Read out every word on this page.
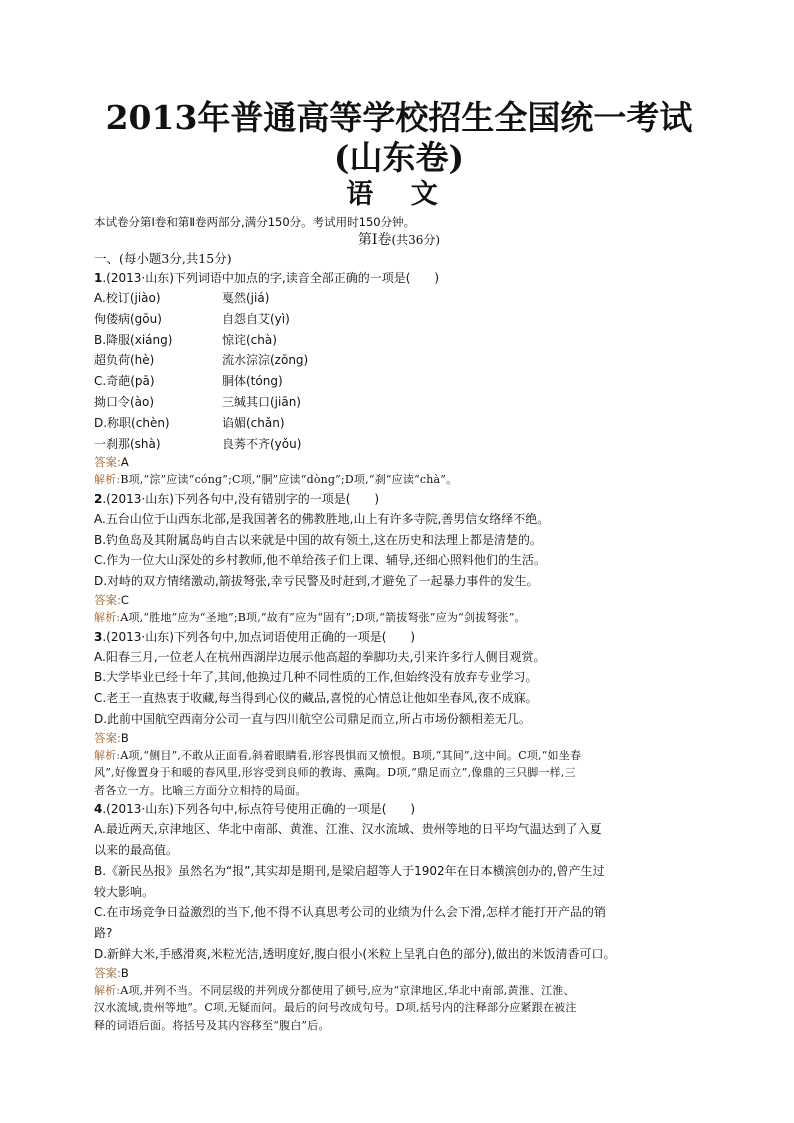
2013年普通高等学校招生全国统一考试
(山东卷)
语 文
本试卷分第Ⅰ卷和第Ⅱ卷两部分,满分150分。考试用时150分钟。
第Ⅰ卷(共36分)
一、(每小题3分,共15分)
1.(2013·山东)下列词语中加点的字,读音全部正确的一项是(　　)
A.校订(jiào)	戛然(jiá)
佝偻病(gōu)	自怨自艾(yì)
B.降服(xiáng)	惊诧(chà)
超负荷(hè)	流水淙淙(zōng)
C.奇葩(pā)	胴体(tóng)
拗口令(ào)	三缄其口(jiān)
D.称职(chèn)	谄媚(chǎn)
一刹那(shà)	良莠不齐(yǒu)
答案:A
解析:B项,“淙”应读“cóng”;C项,“胴”应读“dòng”;D项,“刹”应读“chà”。
2.(2013·山东)下列各句中,没有错别字的一项是(　　)
A.五台山位于山西东北部,是我国著名的佛教胜地,山上有许多寺院,善男信女络绎不绝。
B.钓鱼岛及其附属岛屿自古以来就是中国的故有领土,这在历史和法理上都是清楚的。
C.作为一位大山深处的乡村教师,他不单给孩子们上课、辅导,还细心照料他们的生活。
D.对峙的双方情绪激动,箭拔弩张,幸亏民警及时赶到,才避免了一起暴力事件的发生。
答案:C
解析:A项,“胜地”应为“圣地”;B项,“故有”应为“固有”;D项,“箭拔弩张”应为“剑拔弩张”。
3.(2013·山东)下列各句中,加点词语使用正确的一项是(　　)
A.阳春三月,一位老人在杭州西湖岸边展示他高超的拳脚功夫,引来许多行人侧目观赏。
B.大学毕业已经十年了,其间,他换过几种不同性质的工作,但始终没有放弃专业学习。
C.老王一直热衷于收藏,每当得到心仪的藏品,喜悦的心情总让他如坐春风,夜不成寐。
D.此前中国航空西南分公司一直与四川航空公司鼎足而立,所占市场份额相差无几。
答案:B
解析:A项,“侧目”,不敢从正面看,斜着眼睛看,形容畏惧而又愤恨。B项,“其间”,这中间。C项,“如坐春
风”,好像置身于和暖的春风里,形容受到良师的教诲、熏陶。D项,“鼎足而立”,像鼎的三只脚一样,三
者各立一方。比喻三方面分立相持的局面。
4.(2013·山东)下列各句中,标点符号使用正确的一项是(　　)
A.最近两天,京津地区、华北中南部、黄淮、江淮、汉水流域、贵州等地的日平均气温达到了入夏
以来的最高值。
B.《新民丛报》虽然名为“报”,其实却是期刊,是梁启超等人于1902年在日本横滨创办的,曾产生过
较大影响。
C.在市场竞争日益激烈的当下,他不得不认真思考公司的业绩为什么会下滑,怎样才能打开产品的销
路?
D.新鲜大米,手感滑爽,米粒光洁,透明度好,腹白很小(米粒上呈乳白色的部分),做出的米饭清香可口。
答案:B
解析:A项,并列不当。不同层级的并列成分都使用了顿号,应为“京津地区,华北中南部,黄淮、江淮、
汉水流域,贵州等地”。C项,无疑而问。最后的问号改成句号。D项,括号内的注释部分应紧跟在被注
释的词语后面。将括号及其内容移至“腹白”后。
